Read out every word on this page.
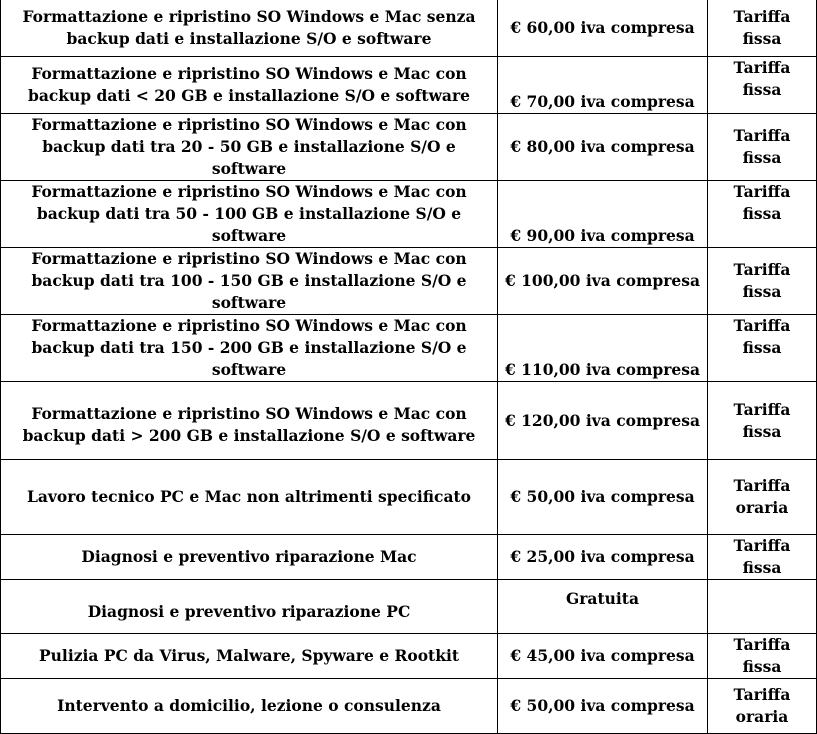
Formattazione e ripristino SO Windows e Mac senza backup dati e installazione S/O e software	€ 60,00 iva compresa	Tariffa fissa
Formattazione e ripristino SO Windows e Mac con backup dati < 20 GB e installazione S/O e software	€ 70,00 iva compresa	Tariffa fissa
Formattazione e ripristino SO Windows e Mac con backup dati tra 20 - 50 GB e installazione S/O e software	€ 80,00 iva compresa	Tariffa fissa
Formattazione e ripristino SO Windows e Mac con backup dati tra 50 - 100 GB e installazione S/O e software	€ 90,00 iva compresa	Tariffa fissa
Formattazione e ripristino SO Windows e Mac con backup dati tra 100 - 150 GB e installazione S/O e software	€ 100,00 iva compresa	Tariffa fissa
Formattazione e ripristino SO Windows e Mac con backup dati tra 150 - 200 GB e installazione S/O e software	€ 110,00 iva compresa	Tariffa fissa
Formattazione e ripristino SO Windows e Mac con backup dati > 200 GB e installazione S/O e software	€ 120,00 iva compresa	Tariffa fissa
Lavoro tecnico PC e Mac non altrimenti specificato	€ 50,00 iva compresa	Tariffa oraria
Diagnosi e preventivo riparazione Mac	€ 25,00 iva compresa	Tariffa fissa
Diagnosi e preventivo riparazione PC	Gratuita	
Pulizia PC da Virus, Malware, Spyware e Rootkit	€ 45,00 iva compresa	Tariffa fissa
Intervento a domicilio, lezione o consulenza	€ 50,00 iva compresa	Tariffa oraria
